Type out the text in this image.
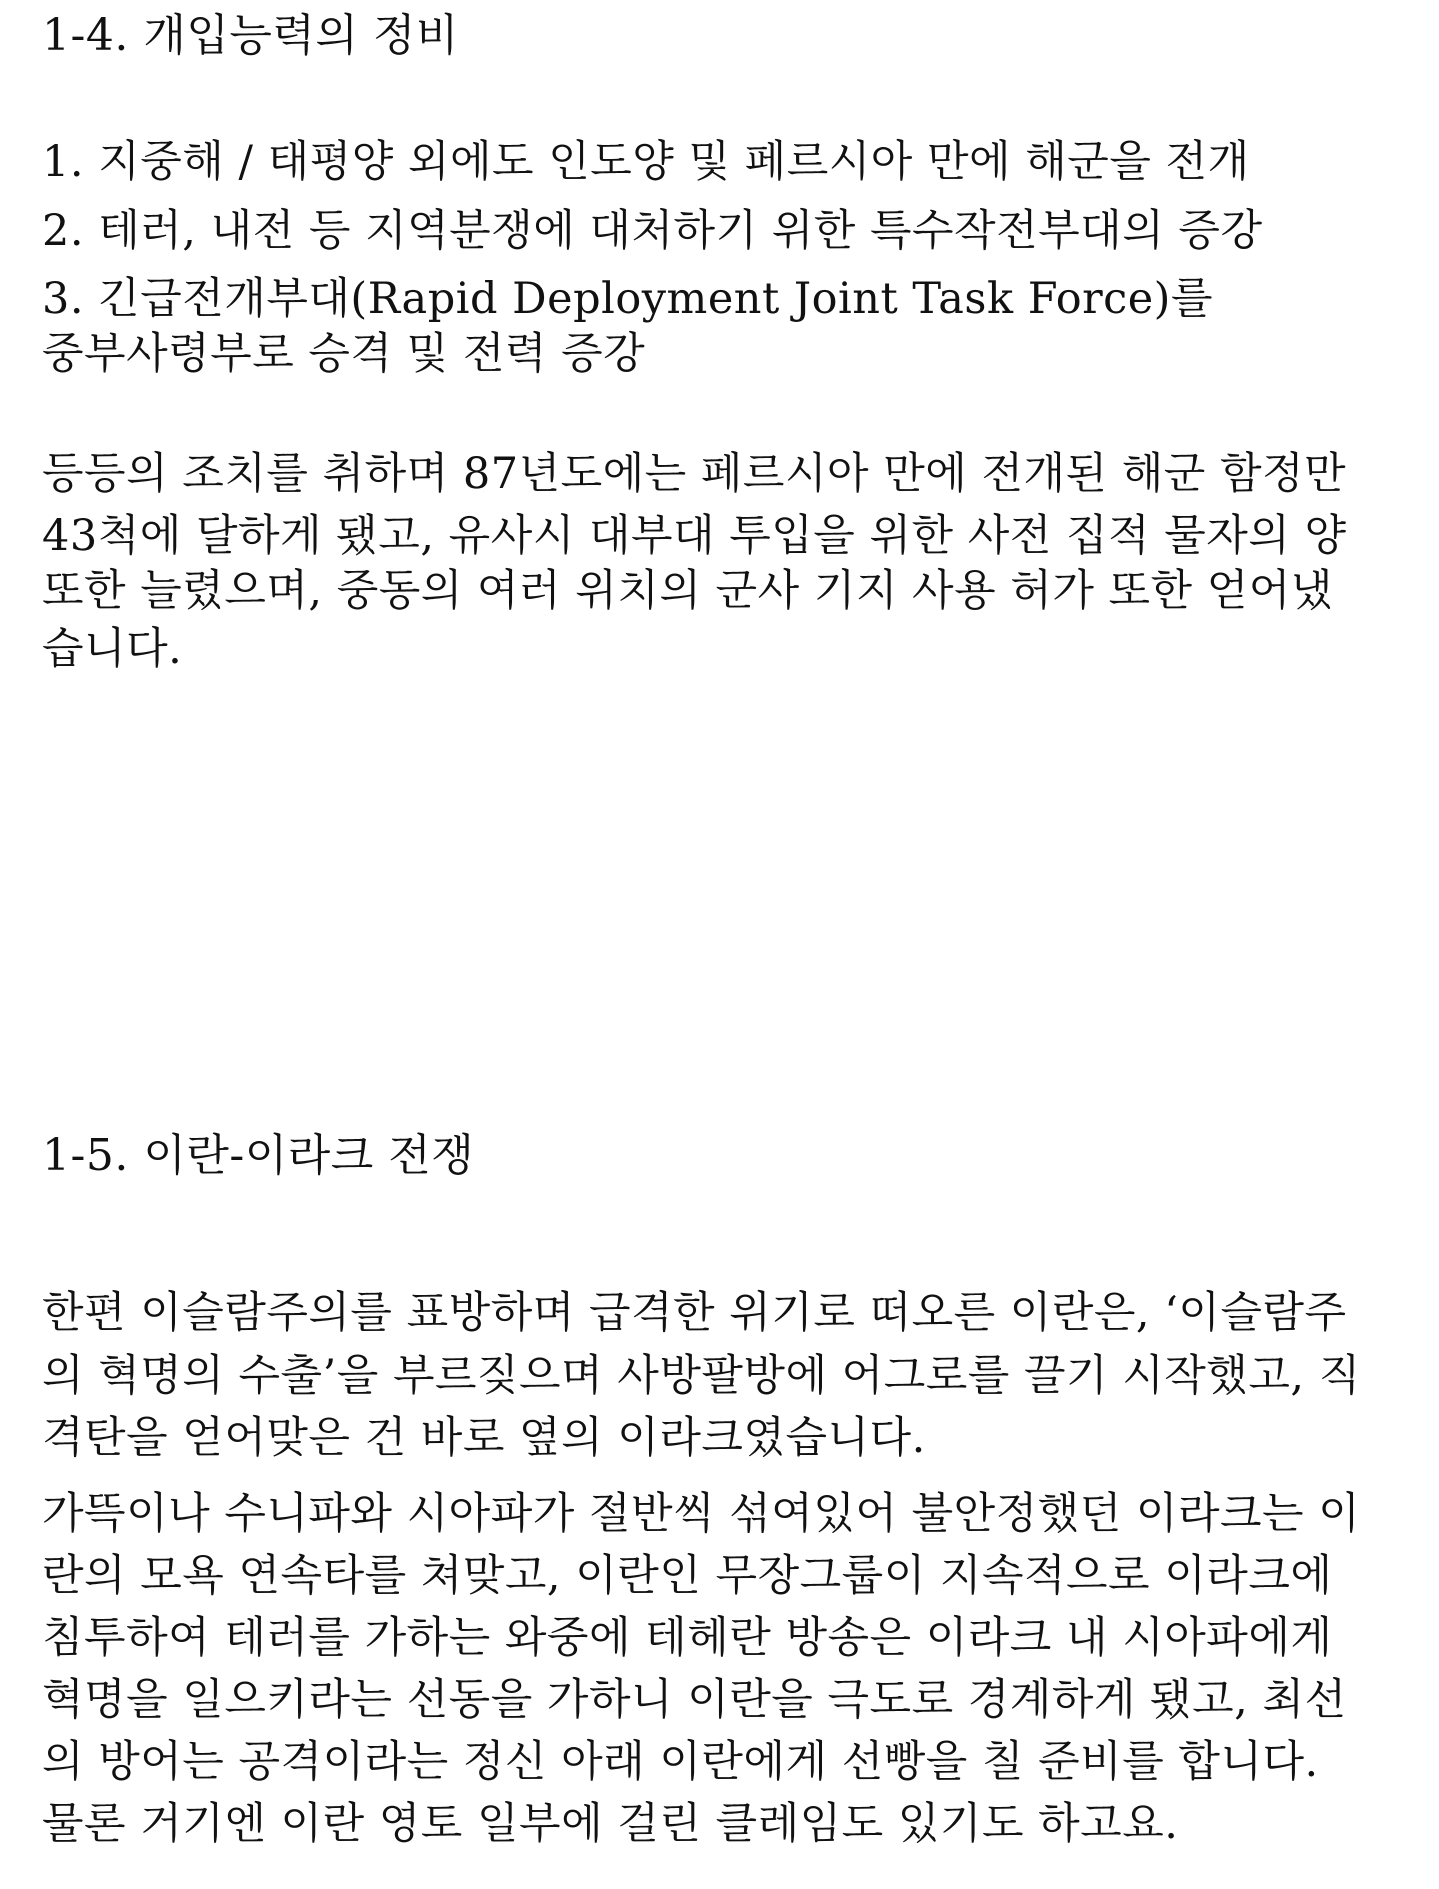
1-4. 개입능력의 정비
1. 지중해 / 태평양 외에도 인도양 및 페르시아 만에 해군을 전개
2. 테러, 내전 등 지역분쟁에 대처하기 위한 특수작전부대의 증강
3. 긴급전개부대(Rapid Deployment Joint Task Force)를
중부사령부로 승격 및 전력 증강
등등의 조치를 취하며 87년도에는 페르시아 만에 전개된 해군 함정만
43척에 달하게 됐고, 유사시 대부대 투입을 위한 사전 집적 물자의 양
또한 늘렸으며, 중동의 여러 위치의 군사 기지 사용 허가 또한 얻어냈
습니다.
1-5. 이란-이라크 전쟁
한편 이슬람주의를 표방하며 급격한 위기로 떠오른 이란은, ‘이슬람주
의 혁명의 수출’을 부르짖으며 사방팔방에 어그로를 끌기 시작했고, 직
격탄을 얻어맞은 건 바로 옆의 이라크였습니다.
가뜩이나 수니파와 시아파가 절반씩 섞여있어 불안정했던 이라크는 이
란의 모욕 연속타를 쳐맞고, 이란인 무장그룹이 지속적으로 이라크에
침투하여 테러를 가하는 와중에 테헤란 방송은 이라크 내 시아파에게
혁명을 일으키라는 선동을 가하니 이란을 극도로 경계하게 됐고, 최선
의 방어는 공격이라는 정신 아래 이란에게 선빵을 칠 준비를 합니다.
물론 거기엔 이란 영토 일부에 걸린 클레임도 있기도 하고요.
